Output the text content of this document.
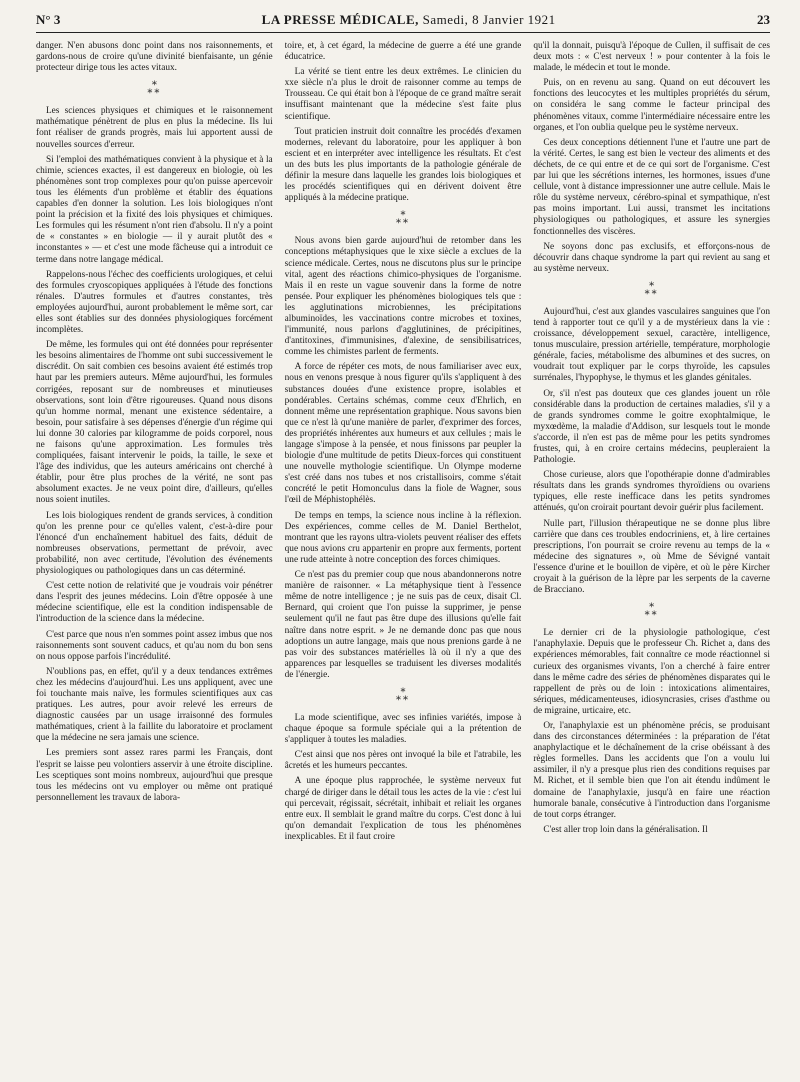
N° 3	LA PRESSE MÉDICALE, Samedi, 8 Janvier 1921	23

danger. N'en abusons donc point dans nos raisonnements, et gardons-nous de croire qu'une divinité bienfaisante, un génie protecteur dirige tous les actes vitaux.

*
**

Les sciences physiques et chimiques et le raisonnement mathématique pénètrent de plus en plus la médecine. Ils lui font réaliser de grands progrès, mais lui apportent aussi de nouvelles sources d'erreur.

Si l'emploi des mathématiques convient à la physique et à la chimie, sciences exactes, il est dangereux en biologie, où les phénomènes sont trop complexes pour qu'on puisse apercevoir tous les éléments d'un problème et établir des équations capables d'en donner la solution. Les lois biologiques n'ont point la précision et la fixité des lois physiques et chimiques. Les formules qui les résument n'ont rien d'absolu. Il n'y a point de « constantes » en biologie — il y aurait plutôt des « inconstantes » — et c'est une mode fâcheuse qui a introduit ce terme dans notre langage médical.

Rappelons-nous l'échec des coefficients urologiques, et celui des formules cryoscopiques appliquées à l'étude des fonctions rénales. D'autres formules et d'autres constantes, très employées aujourd'hui, auront probablement le même sort, car elles sont établies sur des données physiologiques forcément incomplètes.

De même, les formules qui ont été données pour représenter les besoins alimentaires de l'homme ont subi successivement le discrédit. On sait combien ces besoins avaient été estimés trop haut par les premiers auteurs. Même aujourd'hui, les formules corrigées, reposant sur de nombreuses et minutieuses observations, sont loin d'être rigoureuses. Quand nous disons qu'un homme normal, menant une existence sédentaire, a besoin, pour satisfaire à ses dépenses d'énergie d'un régime qui lui donne 30 calories par kilogramme de poids corporel, nous ne faisons qu'une approximation. Les formules très compliquées, faisant intervenir le poids, la taille, le sexe et l'âge des individus, que les auteurs américains ont cherché à établir, pour être plus proches de la vérité, ne sont pas absolument exactes. Je ne veux point dire, d'ailleurs, qu'elles nous soient inutiles.

Les lois biologiques rendent de grands services, à condition qu'on les prenne pour ce qu'elles valent, c'est-à-dire pour l'énoncé d'un enchaînement habituel des faits, déduit de nombreuses observations, permettant de prévoir, avec probabilité, non avec certitude, l'évolution des événements physiologiques ou pathologiques dans un cas déterminé.

C'est cette notion de relativité que je voudrais voir pénétrer dans l'esprit des jeunes médecins. Loin d'être opposée à une médecine scientifique, elle est la condition indispensable de l'introduction de la science dans la médecine.

C'est parce que nous n'en sommes point assez imbus que nos raisonnements sont souvent caducs, et qu'au nom du bon sens on nous oppose parfois l'incrédulité.

N'oublions pas, en effet, qu'il y a deux tendances extrêmes chez les médecins d'aujourd'hui. Les uns appliquent, avec une foi touchante mais naïve, les formules scientifiques aux cas pratiques. Les autres, pour avoir relevé les erreurs de diagnostic causées par un usage irraisonné des formules mathématiques, crient à la faillite du laboratoire et proclament que la médecine ne sera jamais une science.

Les premiers sont assez rares parmi les Français, dont l'esprit se laisse peu volontiers asservir à une étroite discipline. Les sceptiques sont moins nombreux, aujourd'hui que presque tous les médecins ont vu employer ou même ont pratiqué personnellement les travaux de labora-

toire, et, à cet égard, la médecine de guerre a été une grande éducatrice.

La vérité se tient entre les deux extrêmes. Le clinicien du xxe siècle n'a plus le droit de raisonner comme au temps de Trousseau. Ce qui était bon à l'époque de ce grand maître serait insuffisant maintenant que la médecine s'est faite plus scientifique.

Tout praticien instruit doit connaître les procédés d'examen modernes, relevant du laboratoire, pour les appliquer à bon escient et en interpréter avec intelligence les résultats. Et c'est un des buts les plus importants de la pathologie générale de définir la mesure dans laquelle les grandes lois biologiques et les procédés scientifiques qui en dérivent doivent être appliqués à la médecine pratique.

*
**

Nous avons bien garde aujourd'hui de retomber dans les conceptions métaphysiques que le xixe siècle a exclues de la science médicale. Certes, nous ne discutons plus sur le principe vital, agent des réactions chimico-physiques de l'organisme. Mais il en reste un vague souvenir dans la forme de notre pensée. Pour expliquer les phénomènes biologiques tels que : les agglutinations microbiennes, les précipitations albuminoïdes, les vaccinations contre microbes et toxines, l'immunité, nous parlons d'agglutinines, de précipitines, d'antitoxines, d'immunisines, d'alexine, de sensibilisatrices, comme les chimistes parlent de ferments.

A force de répéter ces mots, de nous familiariser avec eux, nous en venons presque à nous figurer qu'ils s'appliquent à des substances douées d'une existence propre, isolables et pondérables. Certains schémas, comme ceux d'Ehrlich, en donnent même une représentation graphique. Nous savons bien que ce n'est là qu'une manière de parler, d'exprimer des forces, des propriétés inhérentes aux humeurs et aux cellules ; mais le langage s'impose à la pensée, et nous finissons par peupler la biologie d'une multitude de petits Dieux-forces qui constituent une nouvelle mythologie scientifique. Un Olympe moderne s'est créé dans nos tubes et nos cristallisoirs, comme s'était concrété le petit Homonculus dans la fiole de Wagner, sous l'œil de Méphistophélès.

De temps en temps, la science nous incline à la réflexion. Des expériences, comme celles de M. Daniel Berthelot, montrant que les rayons ultra-violets peuvent réaliser des effets que nous avions cru appartenir en propre aux ferments, portent une rude atteinte à notre conception des forces chimiques.

Ce n'est pas du premier coup que nous abandonnerons notre manière de raisonner. « La métaphysique tient à l'essence même de notre intelligence ; je ne suis pas de ceux, disait Cl. Bernard, qui croient que l'on puisse la supprimer, je pense seulement qu'il ne faut pas être dupe des illusions qu'elle fait naître dans notre esprit. » Je ne demande donc pas que nous adoptions un autre langage, mais que nous prenions garde à ne pas voir des substances matérielles là où il n'y a que des apparences par lesquelles se traduisent les diverses modalités de l'énergie.

*
**

La mode scientifique, avec ses infinies variétés, impose à chaque époque sa formule spéciale qui a la prétention de s'appliquer à toutes les maladies.

C'est ainsi que nos pères ont invoqué la bile et l'atrabile, les âcretés et les humeurs peccantes.

A une époque plus rapprochée, le système nerveux fut chargé de diriger dans le détail tous les actes de la vie : c'est lui qui percevait, régissait, sécrétait, inhibait et reliait les organes entre eux. Il semblait le grand maître du corps. C'est donc à lui qu'on demandait l'explication de tous les phénomènes inexplicables. Et il faut croire

qu'il la donnait, puisqu'à l'époque de Cullen, il suffisait de ces deux mots : « C'est nerveux ! » pour contenter à la fois le malade, le médecin et tout le monde.

Puis, on en revenu au sang. Quand on eut découvert les fonctions des leucocytes et les multiples propriétés du sérum, on considéra le sang comme le facteur principal des phénomènes vitaux, comme l'intermédiaire nécessaire entre les organes, et l'on oublia quelque peu le système nerveux.

Ces deux conceptions détiennent l'une et l'autre une part de la vérité. Certes, le sang est bien le vecteur des aliments et des déchets, de ce qui entre et de ce qui sort de l'organisme. C'est par lui que les sécrétions internes, les hormones, issues d'une cellule, vont à distance impressionner une autre cellule. Mais le rôle du système nerveux, cérébro-spinal et sympathique, n'est pas moins important. Lui aussi, transmet les incitations physiologiques ou pathologiques, et assure les synergies fonctionnelles des viscères.

Ne soyons donc pas exclusifs, et efforçons-nous de découvrir dans chaque syndrome la part qui revient au sang et au système nerveux.

*
**

Aujourd'hui, c'est aux glandes vasculaires sanguines que l'on tend à rapporter tout ce qu'il y a de mystérieux dans la vie : croissance, développement sexuel, caractère, intelligence, tonus musculaire, pression artérielle, température, morphologie générale, facies, métabolisme des albumines et des sucres, on voudrait tout expliquer par le corps thyroïde, les capsules surrénales, l'hypophyse, le thymus et les glandes génitales.

Or, s'il n'est pas douteux que ces glandes jouent un rôle considérable dans la production de certaines maladies, s'il y a de grands syndromes comme le goitre exophtalmique, le myxœdème, la maladie d'Addison, sur lesquels tout le monde s'accorde, il n'en est pas de même pour les petits syndromes frustes, qui, à en croire certains médecins, peupleraient la Pathologie.

Chose curieuse, alors que l'opothérapie donne d'admirables résultats dans les grands syndromes thyroïdiens ou ovariens typiques, elle reste inefficace dans les petits syndromes atténués, qu'on croirait pourtant devoir guérir plus facilement.

Nulle part, l'illusion thérapeutique ne se donne plus libre carrière que dans ces troubles endocriniens, et, à lire certaines prescriptions, l'on pourrait se croire revenu au temps de la « médecine des signatures », où Mme de Sévigné vantait l'essence d'urine et le bouillon de vipère, et où le père Kircher croyait à la guérison de la lèpre par les serpents de la caverne de Bracciano.

*
**

Le dernier cri de la physiologie pathologique, c'est l'anaphylaxie. Depuis que le professeur Ch. Richet a, dans des expériences mémorables, fait connaître ce mode réactionnel si curieux des organismes vivants, l'on a cherché à faire entrer dans le même cadre des séries de phénomènes disparates qui le rappellent de près ou de loin : intoxications alimentaires, sériques, médicamenteuses, idiosyncrasies, crises d'asthme ou de migraine, urticaire, etc.

Or, l'anaphylaxie est un phénomène précis, se produisant dans des circonstances déterminées : la préparation de l'état anaphylactique et le déchaînement de la crise obéissant à des règles formelles. Dans les accidents que l'on a voulu lui assimiler, il n'y a presque plus rien des conditions requises par M. Richet, et il semble bien que l'on ait étendu indûment le domaine de l'anaphylaxie, jusqu'à en faire une réaction humorale banale, consécutive à l'introduction dans l'organisme de tout corps étranger.

C'est aller trop loin dans la généralisation. Il
